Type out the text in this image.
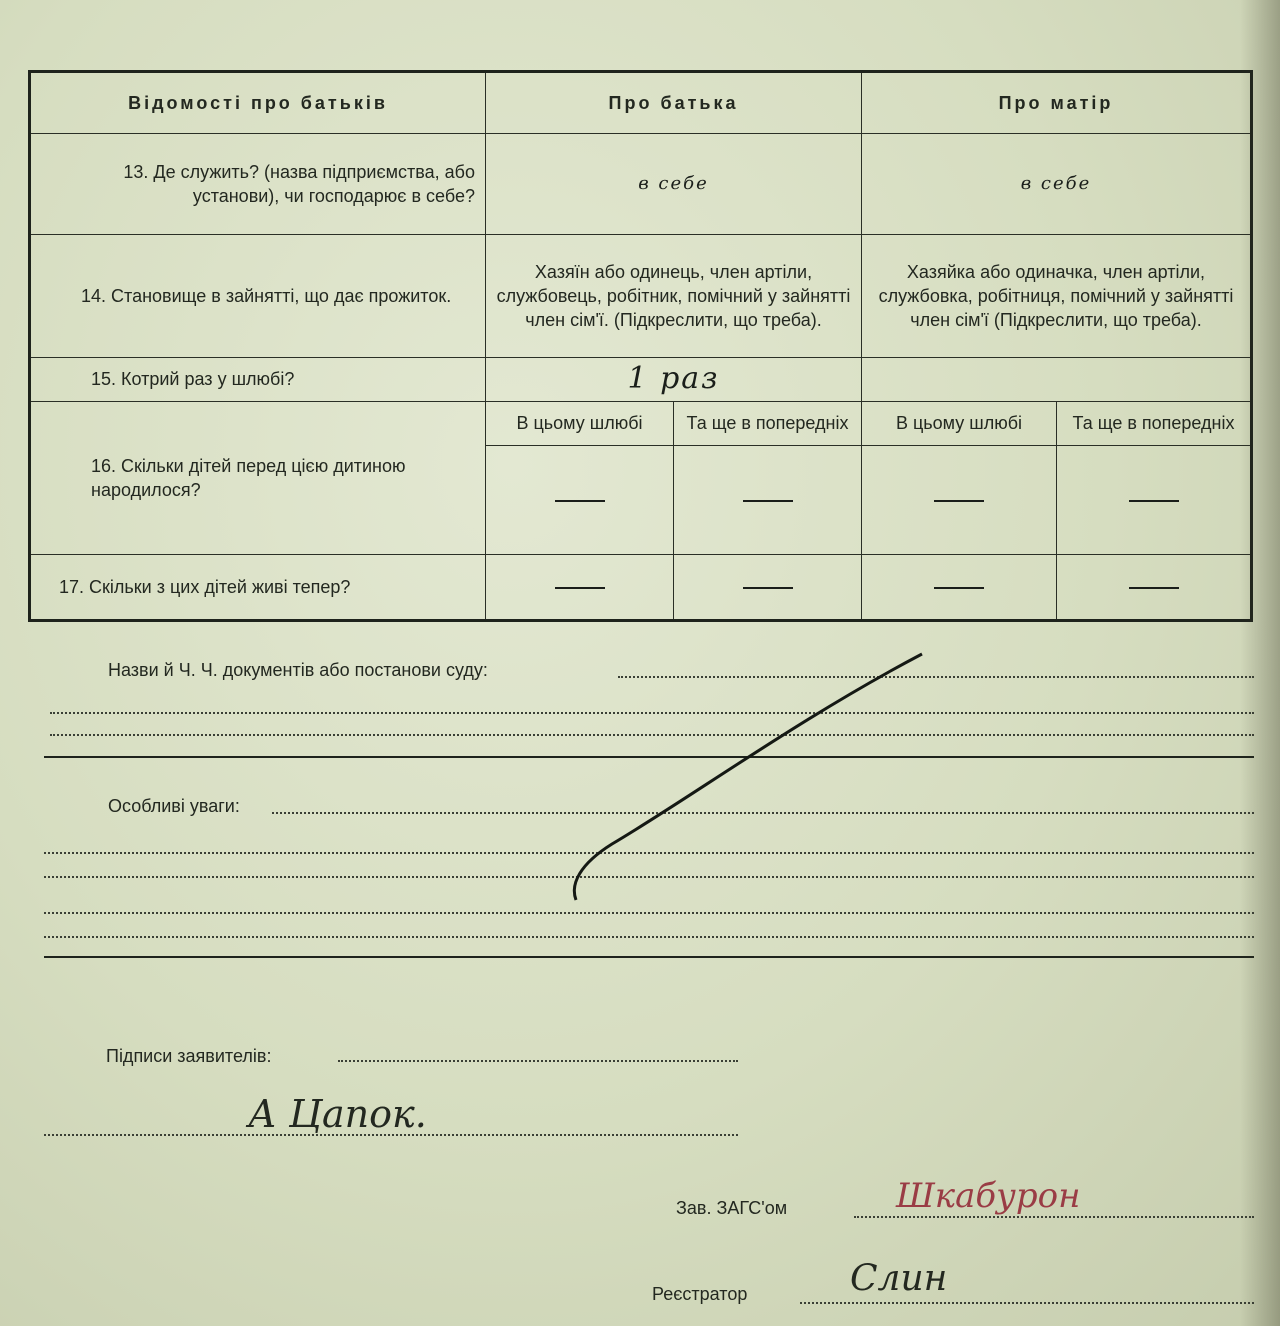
Відомості про батьків	Про батька		Про матір	
13. Де служить? (назва підприємства, або установи), чи господарює в себе?	в себе		в себе	
14. Становище в зайнятті, що дає прожиток.	Хазяїн або одинець, член артіли, службовець, робітник, помічний у зайнятті член сім'ї. (Підкреслити, що треба).		Хазяйка або одиначка, член артіли, службовка, робітниця, помічний у зайнятті член сім'ї (Підкреслити, що треба).	
15. Котрий раз у шлюбі?	1 раз			
16. Скільки дітей перед цією дитиною народилося?	В цьому шлюбі	Та ще в попередніх	В цьому шлюбі	Та ще в попередніх

17. Скільки з цих дітей живі тепер?				
Назви й Ч. Ч. документів або постанови суду:
Особливі уваги:
Підписи заявителів:
А Цапок.
Зав. ЗАГС'ом	Шкабурон
Реєстратор	Слин
